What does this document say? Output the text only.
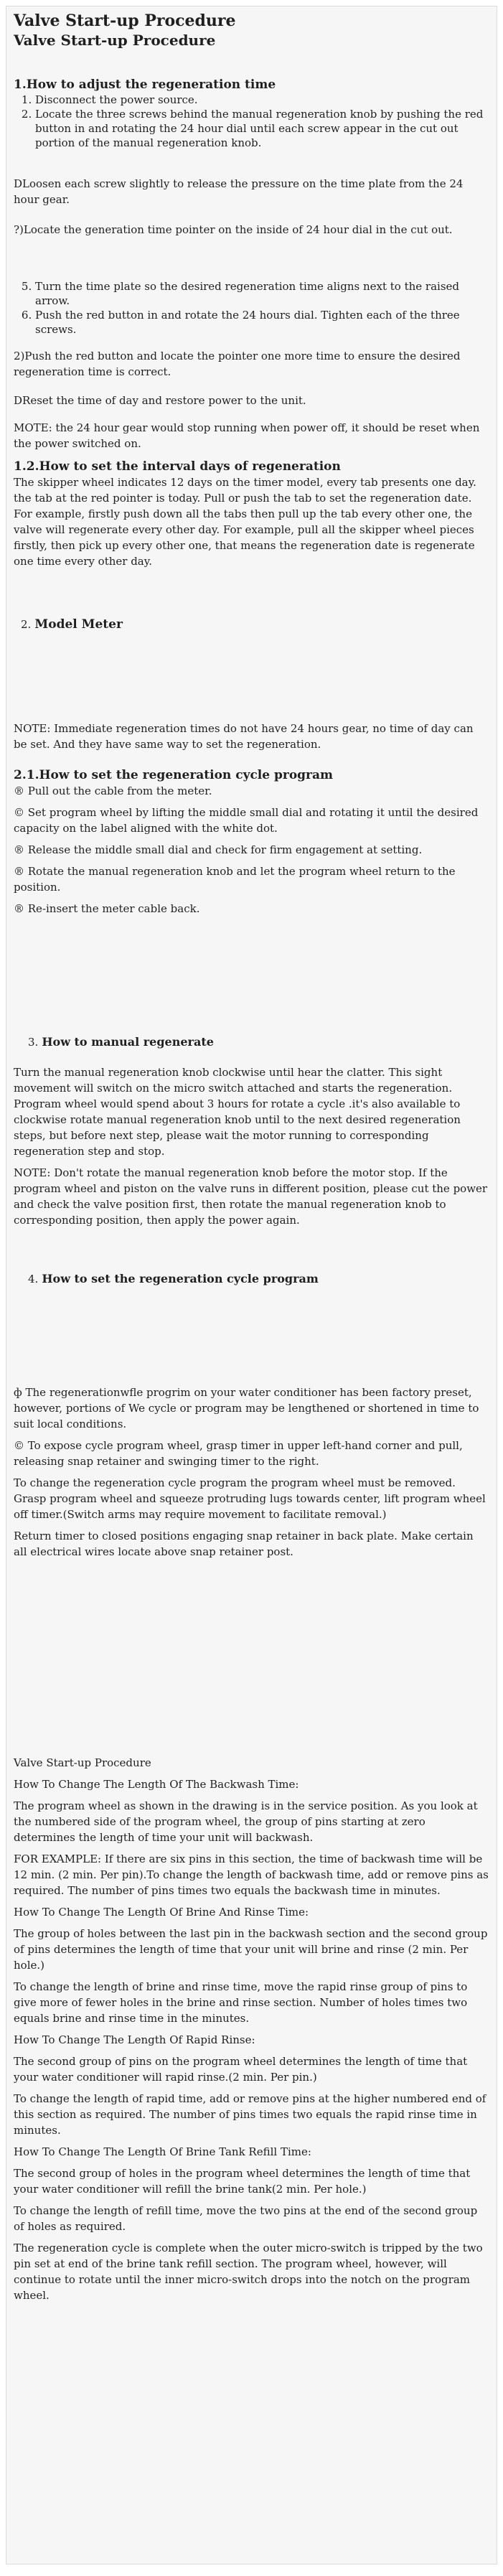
Valve Start-up Procedure
Valve Start-up Procedure
1.How to adjust the regeneration time
1. Disconnect the power source.
2. Locate the three screws behind the manual regeneration knob by pushing the red button in and rotating the 24 hour dial until each screw appear in the cut out portion of the manual regeneration knob.

DLoosen each screw slightly to release the pressure on the time plate from the 24 hour gear.

?)Locate the generation time pointer on the inside of 24 hour dial in the cut out.

5. Turn the time plate so the desired regeneration time aligns next to the raised arrow.
6. Push the red button in and rotate the 24 hours dial. Tighten each of the three screws.

2)Push the red button and locate the pointer one more time to ensure the desired regeneration time is correct.

DReset the time of day and restore power to the unit.

MOTE: the 24 hour gear would stop running when power off, it should be reset when the power switched on.

1.2.How to set the interval days of regeneration

The skipper wheel indicates 12 days on the timer model, every tab presents one day. the tab at the red pointer is today. Pull or push the tab to set the regeneration date. For example, firstly push down all the tabs then pull up the tab every other one, the valve will regenerate every other day. For example, pull all the skipper wheel pieces firstly, then pick up every other one, that means the regeneration date is regenerate one time every other day.

2. Model Meter

NOTE: Immediate regeneration times do not have 24 hours gear, no time of day can be set. And they have same way to set the regeneration.

2.1.How to set the regeneration cycle program

® Pull out the cable from the meter.

© Set program wheel by lifting the middle small dial and rotating it until the desired capacity on the label aligned with the white dot.

® Release the middle small dial and check for firm engagement at setting.

® Rotate the manual regeneration knob and let the program wheel return to the position.

® Re-insert the meter cable back.

3. How to manual regenerate

Turn the manual regeneration knob clockwise until hear the clatter. This sight movement will switch on the micro switch attached and starts the regeneration. Program wheel would spend about 3 hours for rotate a cycle .it's also available to clockwise rotate manual regeneration knob until to the next desired regeneration steps, but before next step, please wait the motor running to corresponding regeneration step and stop.

NOTE: Don't rotate the manual regeneration knob before the motor stop. If the program wheel and piston on the valve runs in different position, please cut the power and check the valve position first, then rotate the manual regeneration knob to corresponding position, then apply the power again.

4. How to set the regeneration cycle program

ф The regenerationwfle progrim on your water conditioner has been factory preset, however, portions of We cycle or program may be lengthened or shortened in time to suit local conditions.

© To expose cycle program wheel, grasp timer in upper left-hand corner and pull, releasing snap retainer and swinging timer to the right.

To change the regeneration cycle program the program wheel must be removed. Grasp program wheel and squeeze protruding lugs towards center, lift program wheel off timer.(Switch arms may require movement to facilitate removal.)

Return timer to closed positions engaging snap retainer in back plate. Make certain all electrical wires locate above snap retainer post.

Valve Start-up Procedure

How To Change The Length Of The Backwash Time:

The program wheel as shown in the drawing is in the service position. As you look at the numbered side of the program wheel, the group of pins starting at zero determines the length of time your unit will backwash.

FOR EXAMPLE: If there are six pins in this section, the time of backwash time will be 12 min. (2 min. Per pin).To change the length of backwash time, add or remove pins as required. The number of pins times two equals the backwash time in minutes.

How To Change The Length Of Brine And Rinse Time:

The group of holes between the last pin in the backwash section and the second group of pins determines the length of time that your unit will brine and rinse (2 min. Per hole.)

To change the length of brine and rinse time, move the rapid rinse group of pins to give more of fewer holes in the brine and rinse section. Number of holes times two equals brine and rinse time in the minutes.

How To Change The Length Of Rapid Rinse:

The second group of pins on the program wheel determines the length of time that your water conditioner will rapid rinse.(2 min. Per pin.)

To change the length of rapid time, add or remove pins at the higher numbered end of this section as required. The number of pins times two equals the rapid rinse time in minutes.

How To Change The Length Of Brine Tank Refill Time:

The second group of holes in the program wheel determines the length of time that your water conditioner will refill the brine tank(2 min. Per hole.)

To change the length of refill time, move the two pins at the end of the second group of holes as required.

The regeneration cycle is complete when the outer micro-switch is tripped by the two pin set at end of the brine tank refill section. The program wheel, however, will continue to rotate until the inner micro-switch drops into the notch on the program wheel.
